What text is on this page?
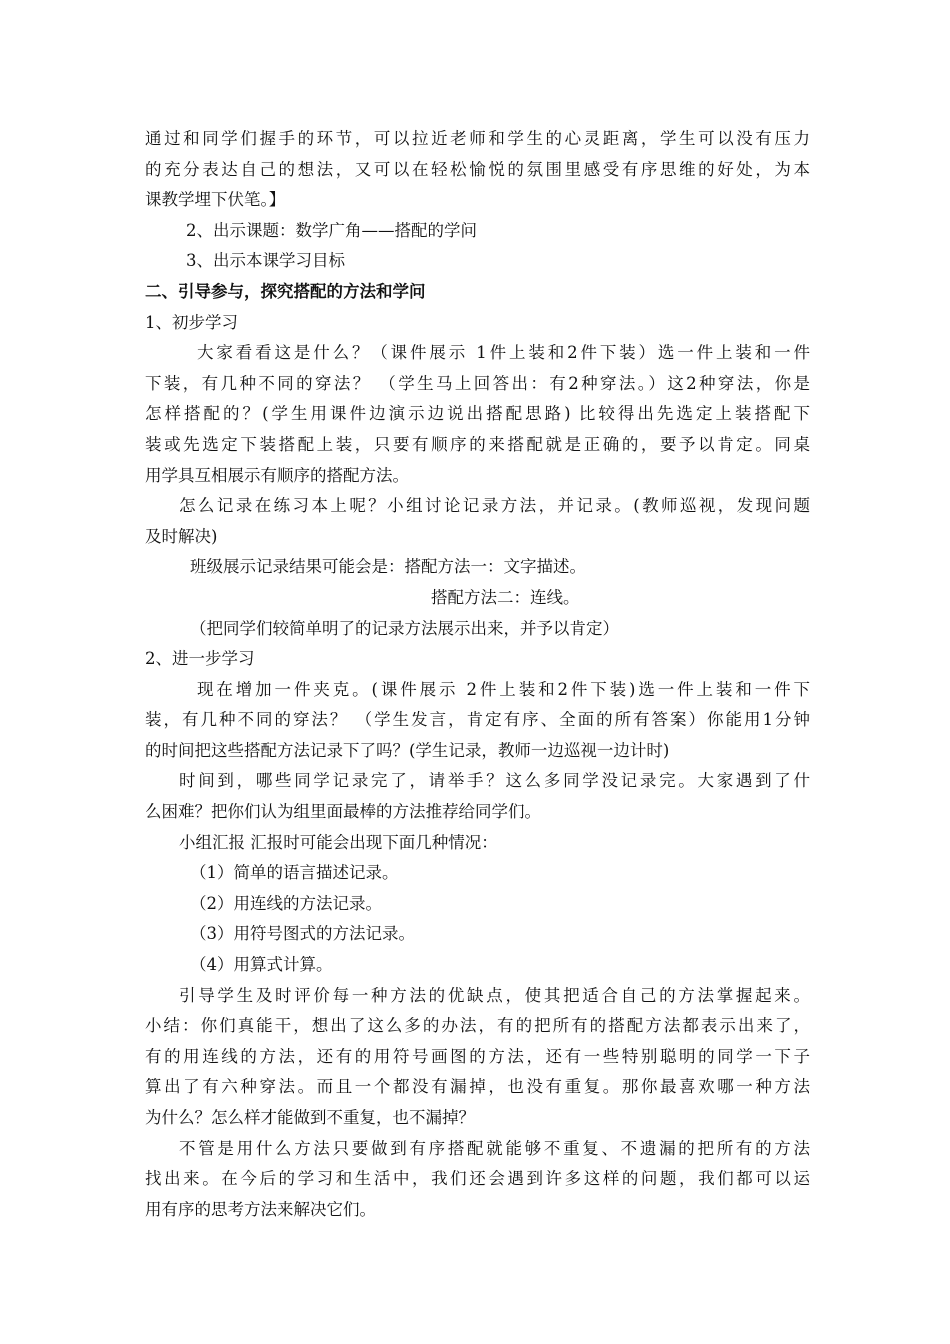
通过和同学们握手的环节，可以拉近老师和学生的心灵距离，学生可以没有压力
的充分表达自己的想法，又可以在轻松愉悦的氛围里感受有序思维的好处，为本
课教学埋下伏笔。】
2、出示课题：数学广角——搭配的学问
3、出示本课学习目标
二、引导参与，探究搭配的方法和学问
1、初步学习
大家看看这是什么？（课件展示 1件上装和2件下装）选一件上装和一件
下装，有几种不同的穿法？ （学生马上回答出：有2种穿法。）这2种穿法，你是
怎样搭配的？(学生用课件边演示边说出搭配思路) 比较得出先选定上装搭配下
装或先选定下装搭配上装，只要有顺序的来搭配就是正确的，要予以肯定。同桌
用学具互相展示有顺序的搭配方法。
怎么记录在练习本上呢？小组讨论记录方法，并记录。(教师巡视，发现问题
及时解决)
班级展示记录结果可能会是：搭配方法一：文字描述。
搭配方法二：连线。
（把同学们较简单明了的记录方法展示出来，并予以肯定）
2、进一步学习
现在增加一件夹克。(课件展示 2件上装和2件下装)选一件上装和一件下
装，有几种不同的穿法？ （学生发言，肯定有序、全面的所有答案）你能用1分钟
的时间把这些搭配方法记录下了吗？(学生记录，教师一边巡视一边计时)
时间到，哪些同学记录完了，请举手？这么多同学没记录完。大家遇到了什
么困难？把你们认为组里面最棒的方法推荐给同学们。
小组汇报 汇报时可能会出现下面几种情况：
（1）简单的语言描述记录。
（2）用连线的方法记录。
（3）用符号图式的方法记录。
（4）用算式计算。
引导学生及时评价每一种方法的优缺点，使其把适合自己的方法掌握起来。
小结：你们真能干，想出了这么多的办法，有的把所有的搭配方法都表示出来了，
有的用连线的方法，还有的用符号画图的方法，还有一些特别聪明的同学一下子
算出了有六种穿法。而且一个都没有漏掉，也没有重复。那你最喜欢哪一种方法
为什么？怎么样才能做到不重复，也不漏掉？
不管是用什么方法只要做到有序搭配就能够不重复、不遗漏的把所有的方法
找出来。在今后的学习和生活中，我们还会遇到许多这样的问题，我们都可以运
用有序的思考方法来解决它们。
